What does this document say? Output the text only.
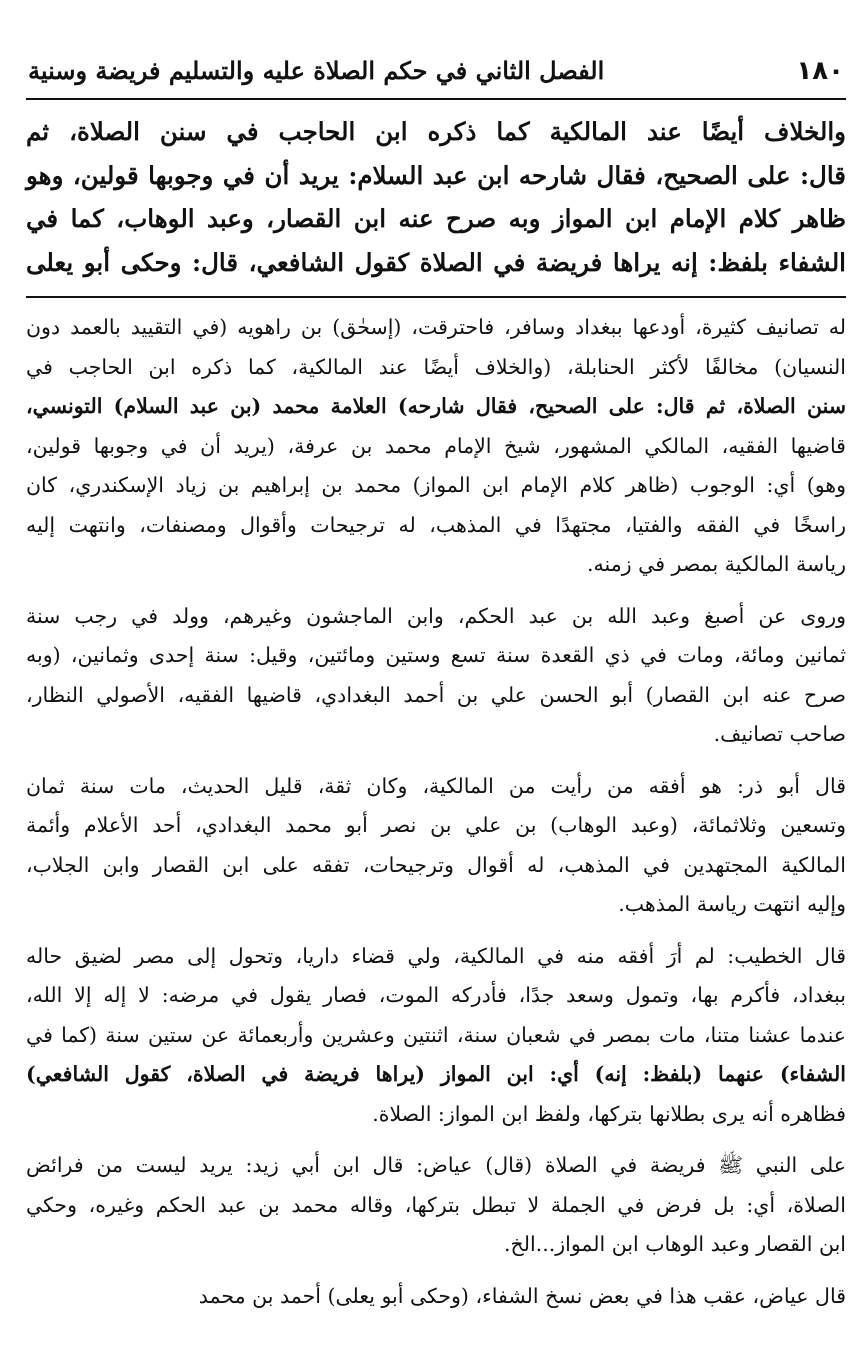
١٨٠
الفصل الثاني في حكم الصلاة عليه والتسليم فريضة وسنية
والخلاف أيضًا عند المالكية كما ذكره ابن الحاجب في سنن الصلاة، ثم
قال: على الصحيح، فقال شارحه ابن عبد السلام: يريد أن في وجوبها قولين، وهو
ظاهر كلام الإمام ابن المواز وبه صرح عنه ابن القصار، وعبد الوهاب، كما في
الشفاء بلفظ: إنه يراها فريضة في الصلاة كقول الشافعي، قال: وحكى أبو يعلى

له تصانيف كثيرة، أودعها ببغداد وسافر، فاحترقت، (إسحٰق) بن راهويه (في التقييد بالعمد دون
النسيان) مخالفًا لأكثر الحنابلة، (والخلاف أيضًا عند المالكية، كما ذكره ابن الحاجب في
سنن الصلاة، ثم قال: على الصحيح، فقال شارحه) العلامة محمد (بن عبد السلام) التونسي،
قاضيها الفقيه، المالكي المشهور، شيخ الإمام محمد بن عرفة، (يريد أن في وجوبها قولين،
وهو) أي: الوجوب (ظاهر كلام الإمام ابن المواز) محمد بن إبراهيم بن زياد الإسكندري، كان
راسخًا في الفقه والفتيا، مجتهدًا في المذهب، له ترجيحات وأقوال ومصنفات، وانتهت إليه
رياسة المالكية بمصر في زمنه.

وروى عن أصبغ وعبد الله بن عبد الحكم، وابن الماجشون وغيرهم، وولد في رجب سنة
ثمانين ومائة، ومات في ذي القعدة سنة تسع وستين ومائتين، وقيل: سنة إحدى وثمانين، (وبه
صرح عنه ابن القصار) أبو الحسن علي بن أحمد البغدادي، قاضيها الفقيه، الأصولي النظار،
صاحب تصانيف.

قال أبو ذر: هو أفقه من رأيت من المالكية، وكان ثقة، قليل الحديث، مات سنة ثمان
وتسعين وثلاثمائة، (وعبد الوهاب) بن علي بن نصر أبو محمد البغدادي، أحد الأعلام وأئمة
المالكية المجتهدين في المذهب، له أقوال وترجيحات، تفقه على ابن القصار وابن الجلاب،
وإليه انتهت رياسة المذهب.

قال الخطيب: لم أرَ أفقه منه في المالكية، ولي قضاء داريا، وتحول إلى مصر لضيق حاله
ببغداد، فأكرم بها، وتمول وسعد جدًا، فأدركه الموت، فصار يقول في مرضه: لا إله إلا الله،
عندما عشنا متنا، مات بمصر في شعبان سنة، اثنتين وعشرين وأربعمائة عن ستين سنة (كما في
الشفاء) عنهما (بلفظ: إنه) أي: ابن المواز (يراها فريضة في الصلاة، كقول الشافعي)
فظاهره أنه يرى بطلانها بتركها، ولفظ ابن المواز: الصلاة.

على النبي ﷺ فريضة في الصلاة (قال) عياض: قال ابن أبي زيد: يريد ليست من فرائض
الصلاة، أي: بل فرض في الجملة لا تبطل بتركها، وقاله محمد بن عبد الحكم وغيره، وحكي
ابن القصار وعبد الوهاب ابن المواز...الخ.

قال عياض، عقب هذا في بعض نسخ الشفاء، (وحكى أبو يعلى) أحمد بن محمد
